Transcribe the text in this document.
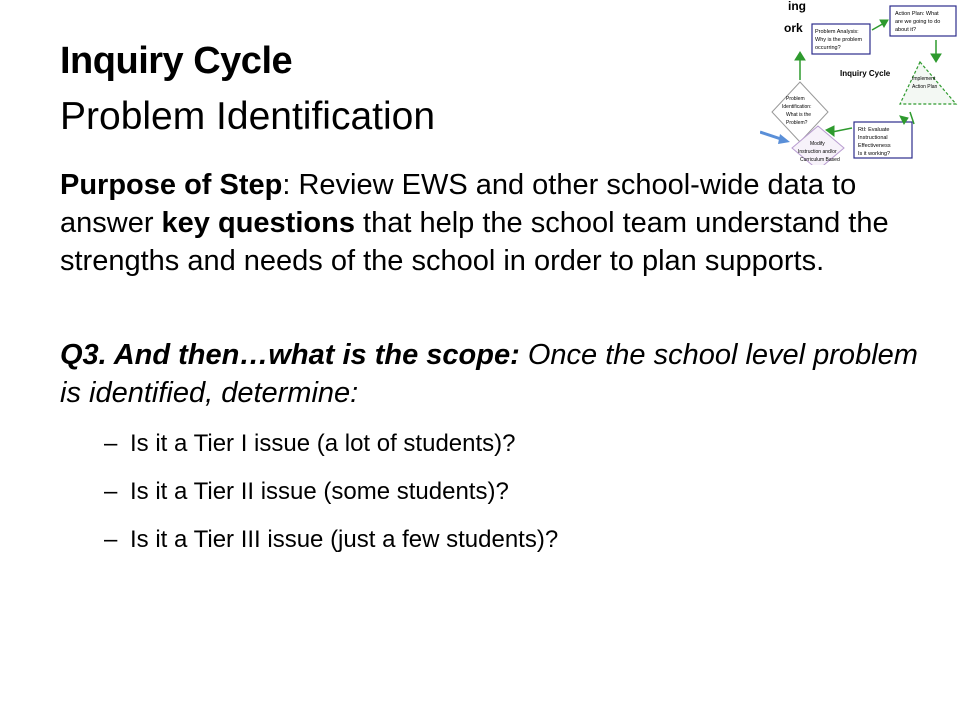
Inquiry Cycle
Problem Identification
ing
ork Problem Analysis:
Why is the problem
occurring?
Action Plan: What
are we going to do
about it?
Implement
Action Plan
Inquiry Cycle
Problem
Identification:
What is the
Problem?
RtI: Evaluate
Instructional
Effectiveness
Is it working?
Modify
Instruction and/or
Curriculum Based

Purpose of Step: Review EWS and other school-wide data to answer key questions that help the school team understand the strengths and needs of the school in order to plan supports.

Q3. And then…what is the scope: Once the school level problem is identified, determine:

– Is it a Tier I issue (a lot of students)?
– Is it a Tier II issue (some students)?
– Is it a Tier III issue (just a few students)?
